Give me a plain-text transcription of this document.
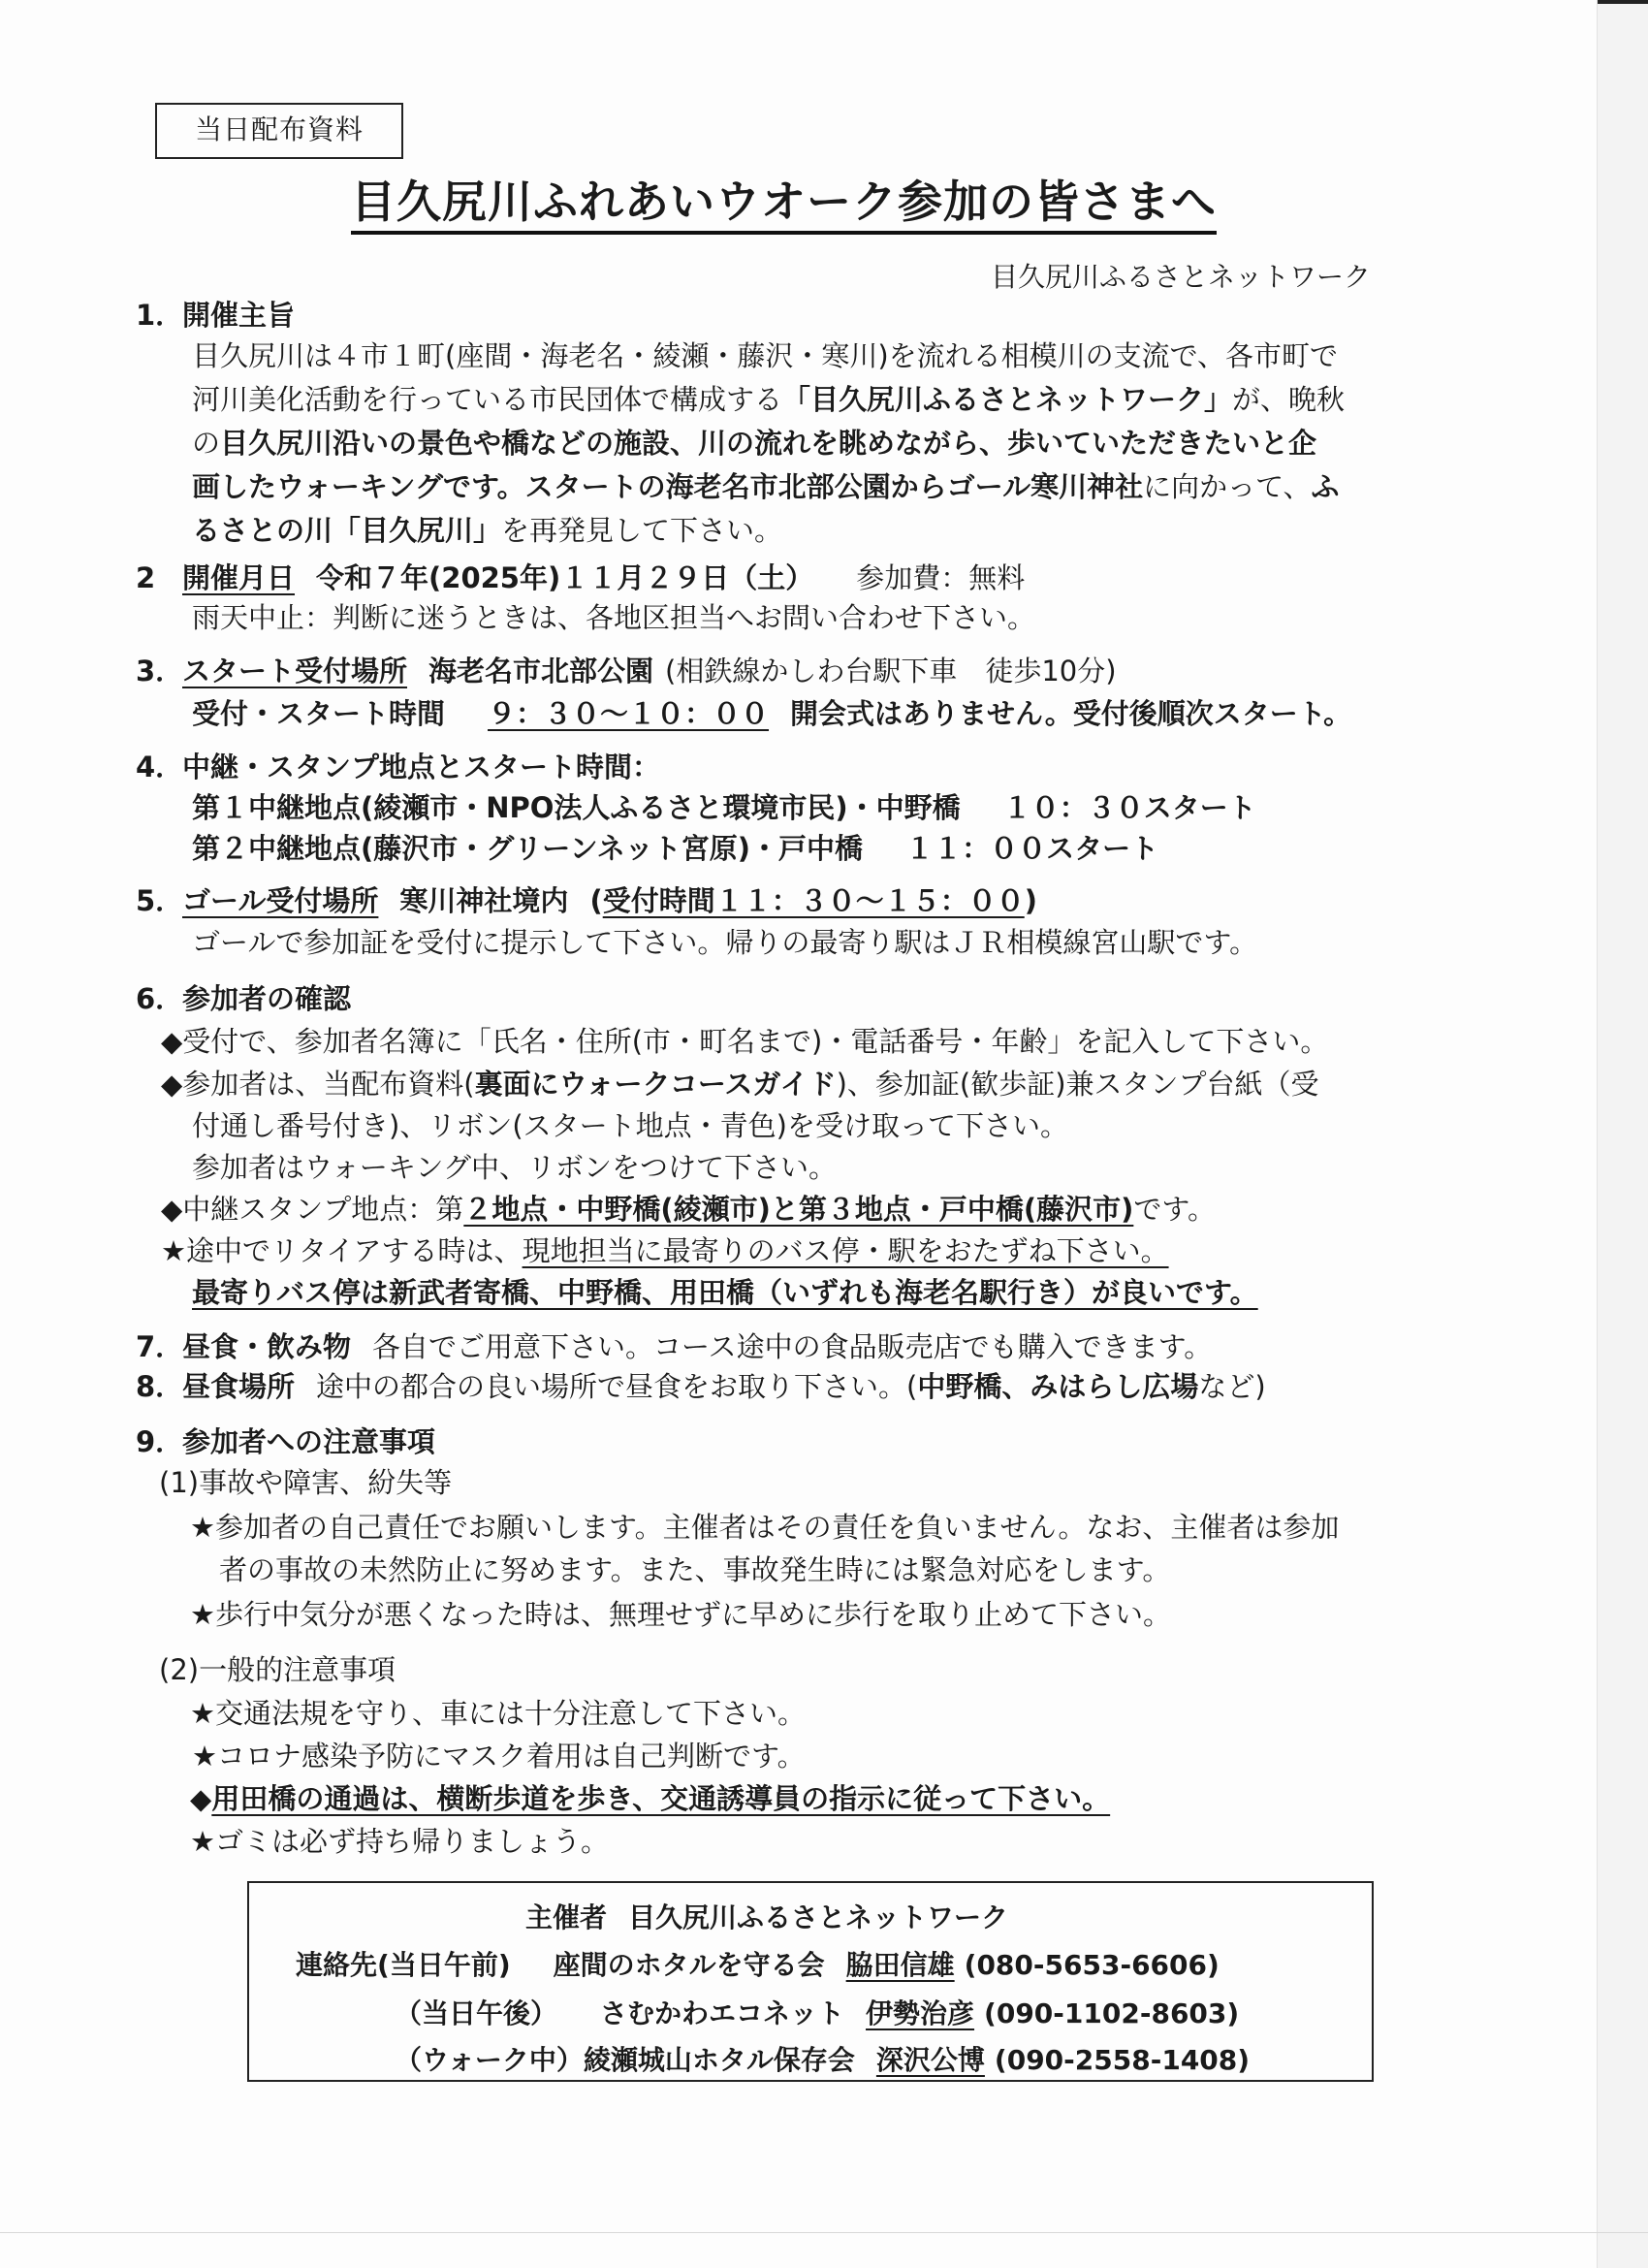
当日配布資料
目久尻川ふれあいウオーク参加の皆さまへ
目久尻川ふるさとネットワーク
1．開催主旨
目久尻川は４市１町(座間・海老名・綾瀬・藤沢・寒川)を流れる相模川の支流で、各市町で
河川美化活動を行っている市民団体で構成する「目久尻川ふるさとネットワーク」が、晩秋
の目久尻川沿いの景色や橋などの施設、川の流れを眺めながら、歩いていただきたいと企
画したウォーキングです。スタートの海老名市北部公園からゴール寒川神社に向かって、ふ
るさとの川「目久尻川」を再発見して下さい。
2 開催月日 令和７年(2025年)１１月２９日（土） 参加費：無料
雨天中止：判断に迷うときは、各地区担当へお問い合わせ下さい。
3．スタート受付場所 海老名市北部公園 (相鉄線かしわ台駅下車　徒歩10分)
受付・スタート時間 ９：３０～１０：００ 開会式はありません。受付後順次スタート。
4．中継・スタンプ地点とスタート時間：
第１中継地点(綾瀬市・NPO法人ふるさと環境市民)・中野橋 １０：３０スタート
第２中継地点(藤沢市・グリーンネット宮原)・戸中橋 １１：００スタート
5．ゴール受付場所 寒川神社境内 (受付時間１１：３０～１５：００)
ゴールで参加証を受付に提示して下さい。帰りの最寄り駅はＪＲ相模線宮山駅です。
6．参加者の確認
◆受付で、参加者名簿に「氏名・住所(市・町名まで)・電話番号・年齢」を記入して下さい。
◆参加者は、当配布資料(裏面にウォークコースガイド)、参加証(歓歩証)兼スタンプ台紙（受
付通し番号付き)、リボン(スタート地点・青色)を受け取って下さい。
参加者はウォーキング中、リボンをつけて下さい。
◆中継スタンプ地点：第２地点・中野橋(綾瀬市)と第３地点・戸中橋(藤沢市)です。
★途中でリタイアする時は、現地担当に最寄りのバス停・駅をおたずね下さい。
最寄りバス停は新武者寄橋、中野橋、用田橋（いずれも海老名駅行き）が良いです。
7．昼食・飲み物 各自でご用意下さい。コース途中の食品販売店でも購入できます。
8．昼食場所 途中の都合の良い場所で昼食をお取り下さい。(中野橋、みはらし広場など)
9．参加者への注意事項
(1)事故や障害、紛失等
★参加者の自己責任でお願いします。主催者はその責任を負いません。なお、主催者は参加
者の事故の未然防止に努めます。また、事故発生時には緊急対応をします。
★歩行中気分が悪くなった時は、無理せずに早めに歩行を取り止めて下さい。
(2)一般的注意事項
★交通法規を守り、車には十分注意して下さい。
★コロナ感染予防にマスク着用は自己判断です。
◆用田橋の通過は、横断歩道を歩き、交通誘導員の指示に従って下さい。
★ゴミは必ず持ち帰りましょう。
主催者 目久尻川ふるさとネットワーク
連絡先(当日午前) 座間のホタルを守る会 脇田信雄 (080-5653-6606)
（当日午後） さむかわエコネット 伊勢治彦 (090-1102-8603)
（ウォーク中）綾瀬城山ホタル保存会 深沢公博 (090-2558-1408)
